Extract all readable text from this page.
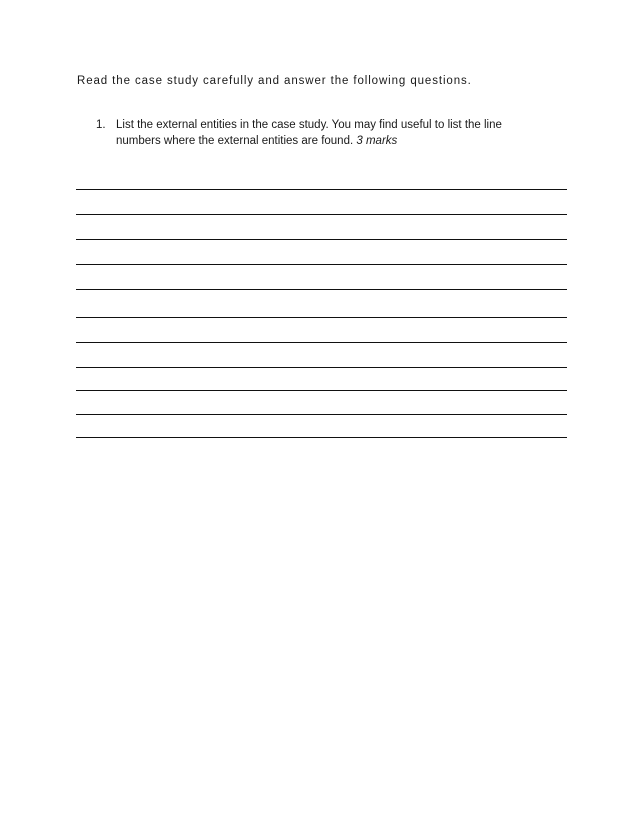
Read the case study carefully and answer the following questions.
1. List the external entities in the case study. You may find useful to list the line numbers where the external entities are found. 3 marks
